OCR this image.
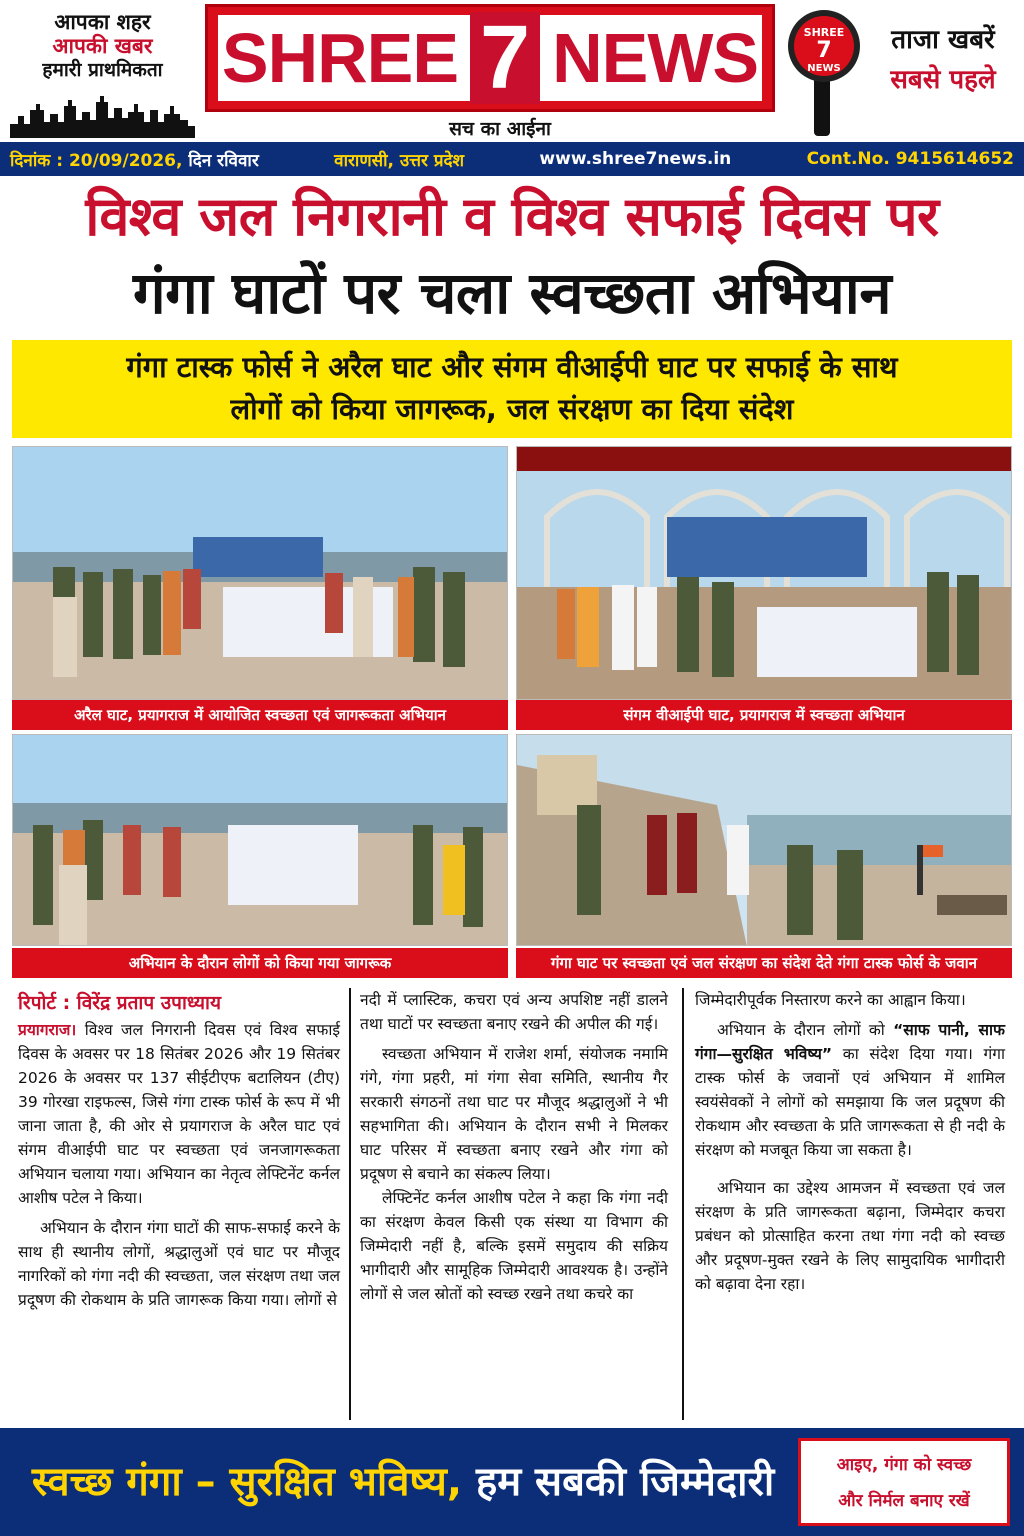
आपका शहर
आपकी खबर
हमारी प्राथमिकता SHREE 7 NEWS
सच का आईना
SHREE
7
NEWS
ताजा खबरें
सबसे पहले
दिनांक : 20/09/2026, दिन रविवार	वाराणसी, उत्तर प्रदेश	www.shree7news.in	Cont.No. 9415614652
विश्व जल निगरानी व विश्व सफाई दिवस पर
गंगा घाटों पर चला स्वच्छता अभियान
गंगा टास्क फोर्स ने अरैल घाट और संगम वीआईपी घाट पर सफाई के साथ
लोगों को किया जागरूक, जल संरक्षण का दिया संदेश
अरैल घाट, प्रयागराज में आयोजित स्वच्छता एवं जागरूकता अभियान	संगम वीआईपी घाट, प्रयागराज में स्वच्छता अभियान
अभियान के दौरान लोगों को किया गया जागरूक	गंगा घाट पर स्वच्छता एवं जल संरक्षण का संदेश देते गंगा टास्क फोर्स के जवान
रिपोर्ट : विरेंद्र प्रताप उपाध्याय

प्रयागराज। विश्व जल निगरानी दिवस एवं विश्व सफाई दिवस के अवसर पर 18 सितंबर 2026 और 19 सितंबर 2026 के अवसर पर 137 सीईटीएफ बटालियन (टीए) 39 गोरखा राइफल्स, जिसे गंगा टास्क फोर्स के रूप में भी जाना जाता है, की ओर से प्रयागराज के अरैल घाट एवं संगम वीआईपी घाट पर स्वच्छता एवं जनजागरूकता अभियान चलाया गया। अभियान का नेतृत्व लेफ्टिनेंट कर्नल आशीष पटेल ने किया।

अभियान के दौरान गंगा घाटों की साफ-सफाई करने के साथ ही स्थानीय लोगों, श्रद्धालुओं एवं घाट पर मौजूद नागरिकों को गंगा नदी की स्वच्छता, जल संरक्षण तथा जल प्रदूषण की रोकथाम के प्रति जागरूक किया गया। लोगों से

नदी में प्लास्टिक, कचरा एवं अन्य अपशिष्ट नहीं डालने तथा घाटों पर स्वच्छता बनाए रखने की अपील की गई।

स्वच्छता अभियान में राजेश शर्मा, संयोजक नमामि गंगे, गंगा प्रहरी, मां गंगा सेवा समिति, स्थानीय गैर सरकारी संगठनों तथा घाट पर मौजूद श्रद्धालुओं ने भी सहभागिता की। अभियान के दौरान सभी ने मिलकर घाट परिसर में स्वच्छता बनाए रखने और गंगा को प्रदूषण से बचाने का संकल्प लिया।

लेफ्टिनेंट कर्नल आशीष पटेल ने कहा कि गंगा नदी का संरक्षण केवल किसी एक संस्था या विभाग की जिम्मेदारी नहीं है, बल्कि इसमें समुदाय की सक्रिय भागीदारी और सामूहिक जिम्मेदारी आवश्यक है। उन्होंने लोगों से जल स्रोतों को स्वच्छ रखने तथा कचरे का

जिम्मेदारीपूर्वक निस्तारण करने का आह्वान किया।

अभियान के दौरान लोगों को “साफ पानी, साफ गंगा—सुरक्षित भविष्य” का संदेश दिया गया। गंगा टास्क फोर्स के जवानों एवं अभियान में शामिल स्वयंसेवकों ने लोगों को समझाया कि जल प्रदूषण की रोकथाम और स्वच्छता के प्रति जागरूकता से ही नदी के संरक्षण को मजबूत किया जा सकता है।

अभियान का उद्देश्य आमजन में स्वच्छता एवं जल संरक्षण के प्रति जागरूकता बढ़ाना, जिम्मेदार कचरा प्रबंधन को प्रोत्साहित करना तथा गंगा नदी को स्वच्छ और प्रदूषण-मुक्त रखने के लिए सामुदायिक भागीदारी को बढ़ावा देना रहा।

स्वच्छ गंगा – सुरक्षित भविष्य, हम सबकी जिम्मेदारी	आइए, गंगा को स्वच्छ
और निर्मल बनाए रखें
